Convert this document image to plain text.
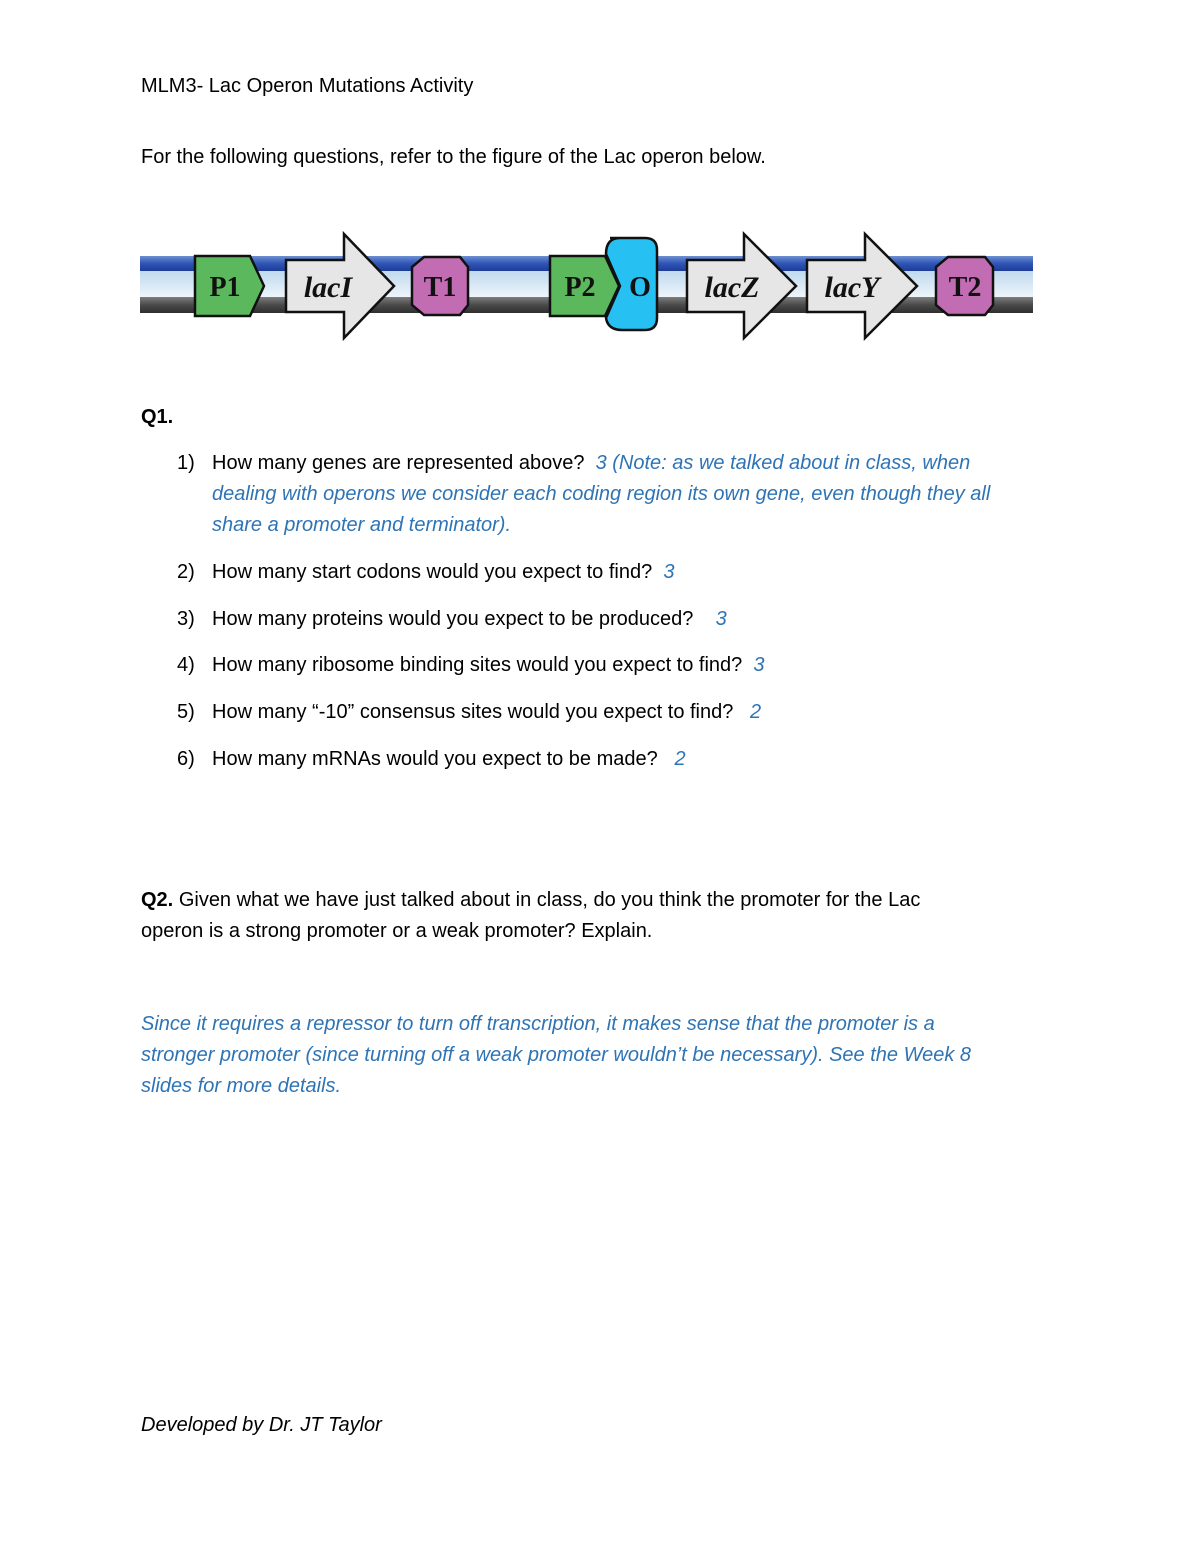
MLM3- Lac Operon Mutations Activity
For the following questions, refer to the figure of the Lac operon below.
P1 lacI	T1	P2 O lacZ lacY T2
Q1.
1) How many genes are represented above? 3 (Note: as we talked about in class, when
dealing with operons we consider each coding region its own gene, even though they all
share a promoter and terminator).
2) How many start codons would you expect to find? 3
3) How many proteins would you expect to be produced? 3
4) How many ribosome binding sites would you expect to find? 3
5) How many “-10” consensus sites would you expect to find? 2
6) How many mRNAs would you expect to be made? 2
Q2. Given what we have just talked about in class, do you think the promoter for the Lac
operon is a strong promoter or a weak promoter? Explain.
Since it requires a repressor to turn off transcription, it makes sense that the promoter is a
stronger promoter (since turning off a weak promoter wouldn’t be necessary). See the Week 8
slides for more details.
Developed by Dr. JT Taylor
